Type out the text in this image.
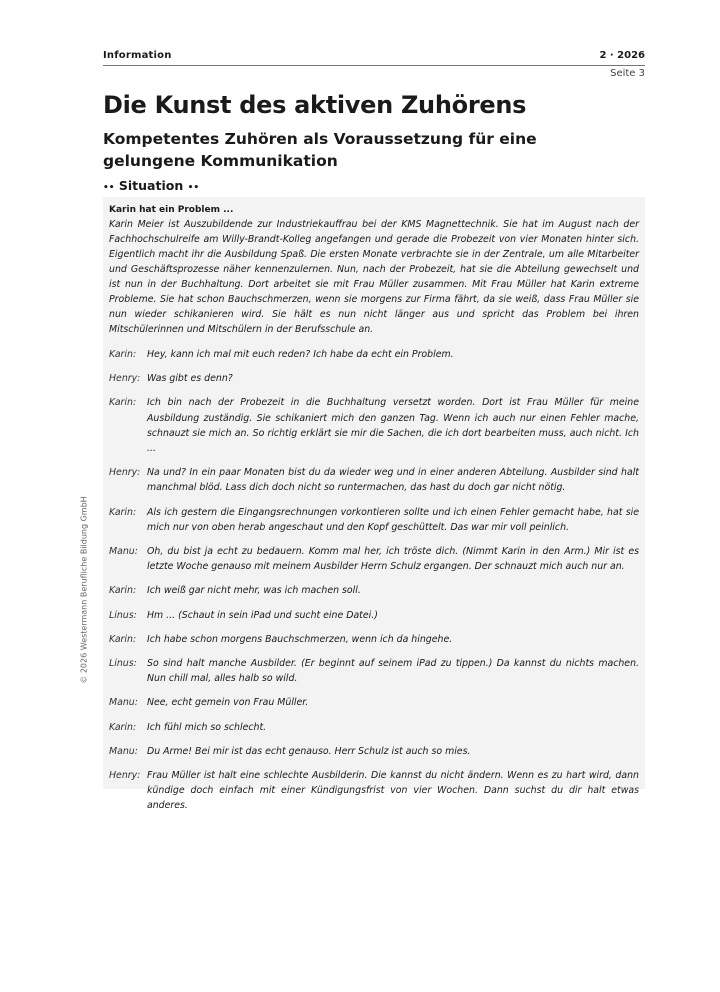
Information	2 · 2026
Seite 3
© 2026 Westermann Berufliche Bildung GmbH
Die Kunst des aktiven Zuhörens
Kompetentes Zuhören als Voraussetzung für eine gelungene Kommunikation
•• Situation ••
Karin hat ein Problem ...

Karin Meier ist Auszubildende zur Industriekauffrau bei der KMS Magnettechnik. Sie hat im August nach der Fachhochschulreife am Willy-Brandt-Kolleg angefangen und gerade die Probezeit von vier Monaten hinter sich. Eigentlich macht ihr die Ausbildung Spaß. Die ersten Monate verbrachte sie in der Zentrale, um alle Mitarbeiter und Geschäftsprozesse näher kennenzulernen. Nun, nach der Probezeit, hat sie die Abteilung gewechselt und ist nun in der Buchhaltung. Dort arbeitet sie mit Frau Müller zusammen. Mit Frau Müller hat Karin extreme Probleme. Sie hat schon Bauchschmerzen, wenn sie morgens zur Firma fährt, da sie weiß, dass Frau Müller sie nun wieder schikanieren wird. Sie hält es nun nicht länger aus und spricht das Problem bei ihren Mitschülerinnen und Mitschülern in der Berufsschule an.

Karin:	Hey, kann ich mal mit euch reden? Ich habe da echt ein Problem.

Henry: Was gibt es denn?

Karin:	Ich bin nach der Probezeit in die Buchhaltung versetzt worden. Dort ist Frau Müller für meine Ausbildung zuständig. Sie schikaniert mich den ganzen Tag. Wenn ich auch nur einen Fehler mache, schnauzt sie mich an. So richtig erklärt sie mir die Sachen, die ich dort bearbeiten muss, auch nicht. Ich ...

Henry: Na und? In ein paar Monaten bist du da wieder weg und in einer anderen Abteilung. Ausbilder sind halt manchmal blöd. Lass dich doch nicht so runtermachen, das hast du doch gar nicht nötig.

Karin:	Als ich gestern die Eingangsrechnungen vorkontieren sollte und ich einen Fehler gemacht habe, hat sie mich nur von oben herab angeschaut und den Kopf geschüttelt. Das war mir voll peinlich.

Manu: Oh, du bist ja echt zu bedauern. Komm mal her, ich tröste dich. (Nimmt Karin in den Arm.) Mir ist es letzte Woche genauso mit meinem Ausbilder Herrn Schulz ergangen. Der schnauzt mich auch nur an.

Karin:	Ich weiß gar nicht mehr, was ich machen soll.

Linus:	Hm ... (Schaut in sein iPad und sucht eine Datei.)

Karin:	Ich habe schon morgens Bauchschmerzen, wenn ich da hingehe.

Linus:	So sind halt manche Ausbilder. (Er beginnt auf seinem iPad zu tippen.) Da kannst du nichts machen. Nun chill mal, alles halb so wild.

Manu: Nee, echt gemein von Frau Müller.

Karin:	Ich fühl mich so schlecht.

Manu: Du Arme! Bei mir ist das echt genauso. Herr Schulz ist auch so mies.

Henry: Frau Müller ist halt eine schlechte Ausbilderin. Die kannst du nicht ändern. Wenn es zu hart wird, dann kündige doch einfach mit einer Kündigungsfrist von vier Wochen. Dann suchst du dir halt etwas anderes.
